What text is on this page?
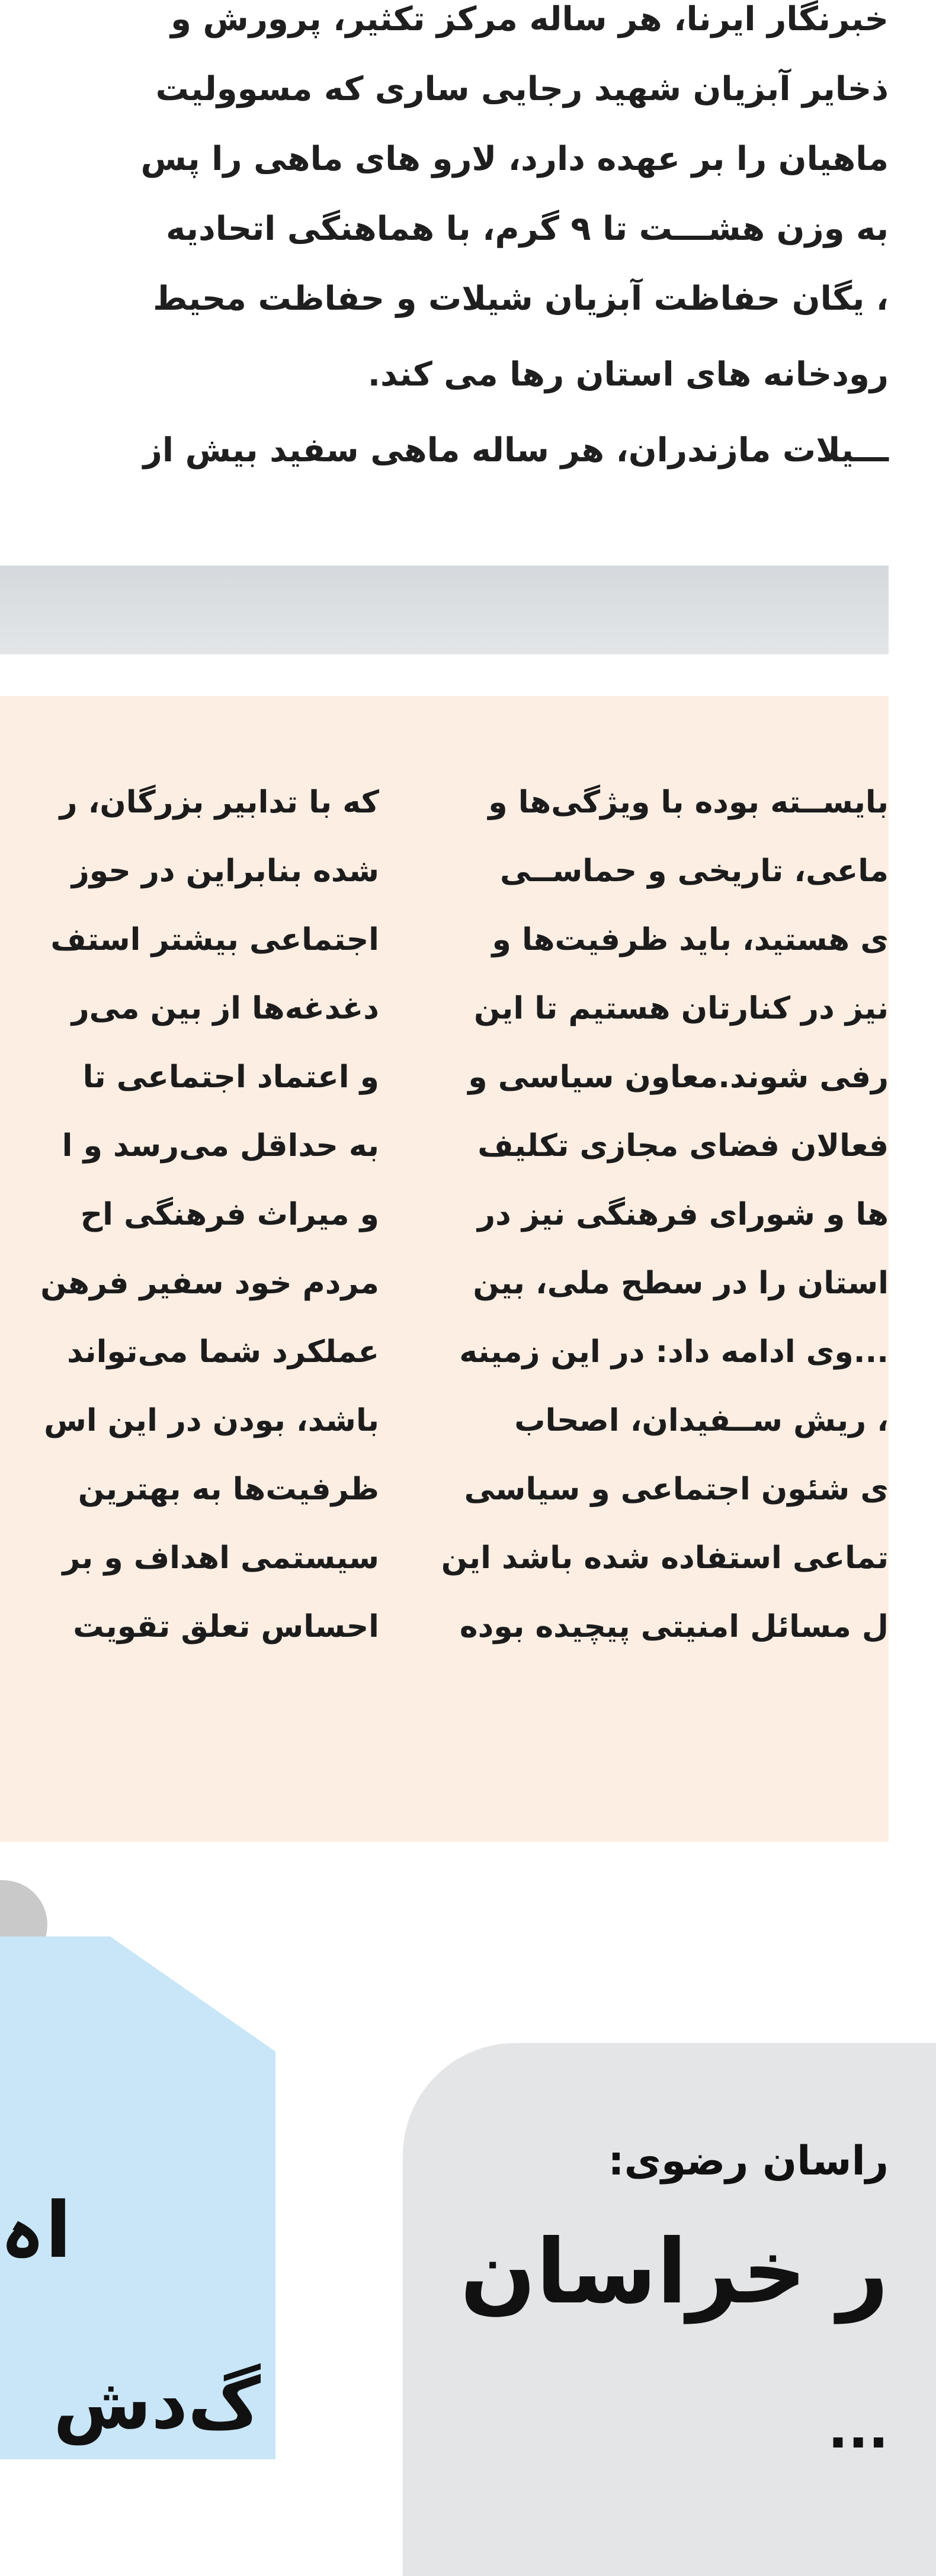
خبرنگار ایرنا، هر ساله مرکز تکثیر، پرورش و

ذخایر آبزیان شهید رجایی ساری که مسوولیت

ماهیان را بر عهده دارد، لارو های ماهی را پس

به وزن هشـــت تا ۹ گرم، با هماهنگی اتحادیه

، یگان حفاظت آبزیان شیلات و حفاظت محیط

رودخانه های استان رها می کند.

ـــیلات مازندران، هر ساله ماهی سفید بیش از

که با تدابیر بزرگان، ر

شده بنابراین در حوز

اجتماعی بیشتر استف

دغدغه‌ها از بین می‌ر

و اعتماد اجتماعی تا

به حداقل می‌رسد و ا

و میراث فرهنگی اح

مردم خود سفیر فرهن

عملکرد شما می‌تواند

باشد، بودن در این اس

ظرفیت‌ها به بهترین

سیستمی اهداف و بر

احساس تعلق تقویت

بایســته بوده با ویژگی‌ها و

ماعی، تاریخی و حماســی

ی هستید، باید ظرفیت‌ها و

نیز در کنارتان هستیم تا این

رفی شوند.معاون سیاسی و

فعالان فضای مجازی تکلیف

ها و شورای فرهنگی نیز در

استان را در سطح ملی، بین

...وی ادامه داد: در این زمینه

، ریش ســفیدان، اصحاب

ی شئون اجتماعی و سیاسی

تماعی استفاده شده باشد این

ل مسائل امنیتی پیچیده بوده

اہ
گ‌د‌ش
راسان رضوی:
ر خراسان
...
